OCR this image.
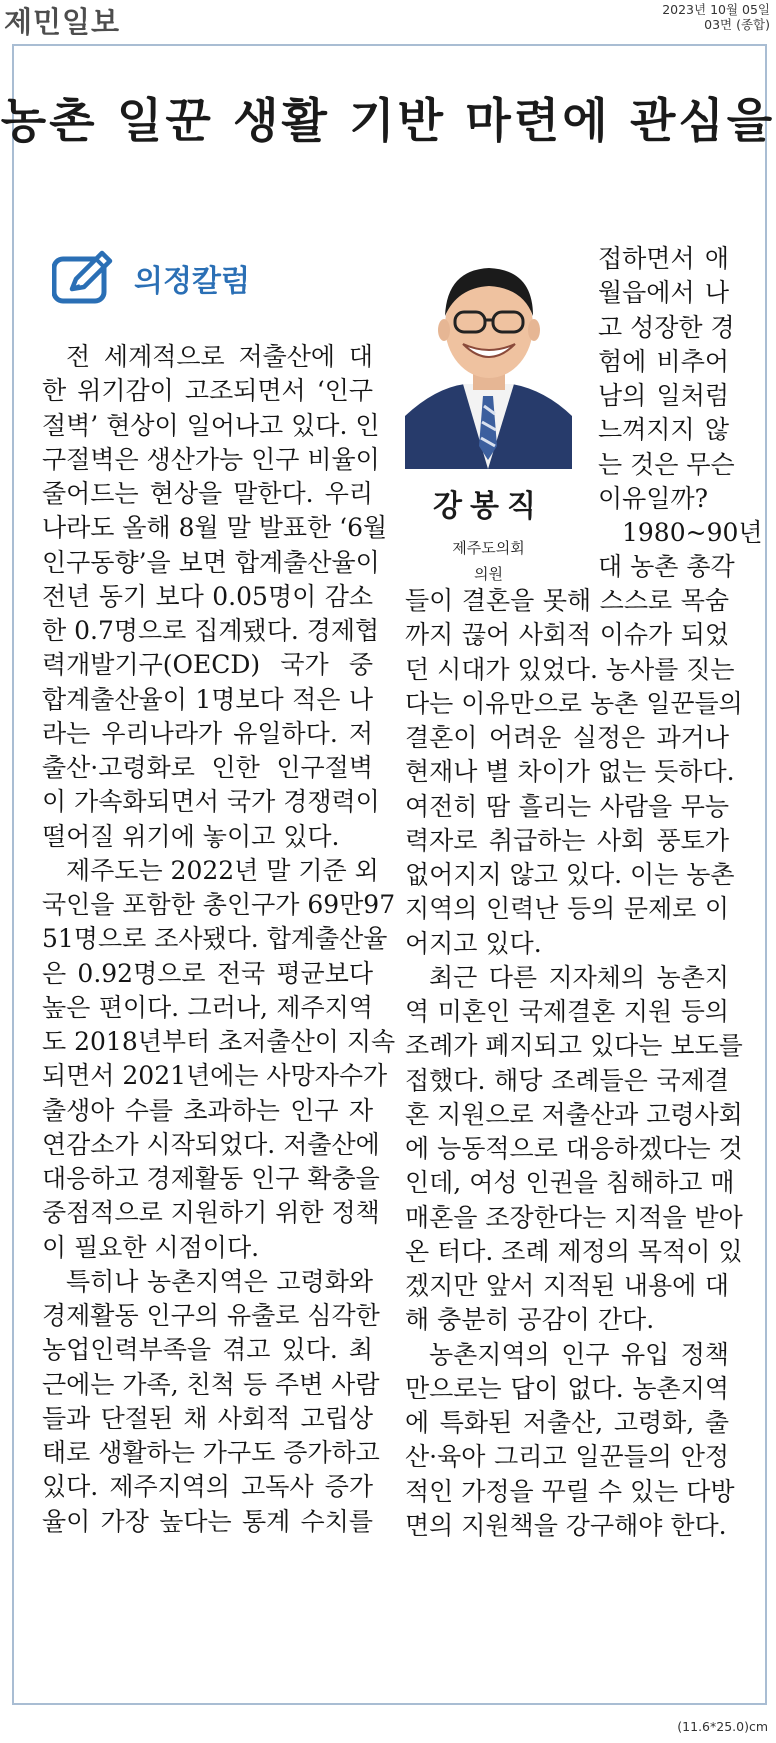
제민일보	2023년 10월 05일
03면 (종합)
농촌 일꾼 생활 기반 마련에 관심을
의정칼럼
강봉직
제주도의회
의원
전 세계적으로 저출산에 대
한 위기감이 고조되면서 ‘인구
절벽’ 현상이 일어나고 있다. 인
구절벽은 생산가능 인구 비율이
줄어드는 현상을 말한다. 우리
나라도 올해 8월 말 발표한 ‘6월
인구동향’을 보면 합계출산율이
전년 동기 보다 0.05명이 감소
한 0.7명으로 집계됐다. 경제협
력개발기구(OECD) 국가 중
합계출산율이 1명보다 적은 나
라는 우리나라가 유일하다. 저
출산·고령화로 인한 인구절벽
이 가속화되면서 국가 경쟁력이
떨어질 위기에 놓이고 있다.
제주도는 2022년 말 기준 외
국인을 포함한 총인구가 69만97
51명으로 조사됐다. 합계출산율
은 0.92명으로 전국 평균보다
높은 편이다. 그러나, 제주지역
도 2018년부터 초저출산이 지속
되면서 2021년에는 사망자수가
출생아 수를 초과하는 인구 자
연감소가 시작되었다. 저출산에
대응하고 경제활동 인구 확충을
중점적으로 지원하기 위한 정책
이 필요한 시점이다.
특히나 농촌지역은 고령화와
경제활동 인구의 유출로 심각한
농업인력부족을 겪고 있다. 최
근에는 가족, 친척 등 주변 사람
들과 단절된 채 사회적 고립상
태로 생활하는 가구도 증가하고
있다. 제주지역의 고독사 증가
율이 가장 높다는 통계 수치를
접하면서 애
월읍에서 나
고 성장한 경
험에 비추어
남의 일처럼
느껴지지 않
는 것은 무슨
이유일까?
1980~90년
대 농촌 총각
들이 결혼을 못해 스스로 목숨
까지 끊어 사회적 이슈가 되었
던 시대가 있었다. 농사를 짓는
다는 이유만으로 농촌 일꾼들의
결혼이 어려운 실정은 과거나
현재나 별 차이가 없는 듯하다.
여전히 땀 흘리는 사람을 무능
력자로 취급하는 사회 풍토가
없어지지 않고 있다. 이는 농촌
지역의 인력난 등의 문제로 이
어지고 있다.
최근 다른 지자체의 농촌지
역 미혼인 국제결혼 지원 등의
조례가 폐지되고 있다는 보도를
접했다. 해당 조례들은 국제결
혼 지원으로 저출산과 고령사회
에 능동적으로 대응하겠다는 것
인데, 여성 인권을 침해하고 매
매혼을 조장한다는 지적을 받아
온 터다. 조례 제정의 목적이 있
겠지만 앞서 지적된 내용에 대
해 충분히 공감이 간다.
농촌지역의 인구 유입 정책
만으로는 답이 없다. 농촌지역
에 특화된 저출산, 고령화, 출
산·육아 그리고 일꾼들의 안정
적인 가정을 꾸릴 수 있는 다방
면의 지원책을 강구해야 한다.
(11.6*25.0)cm
